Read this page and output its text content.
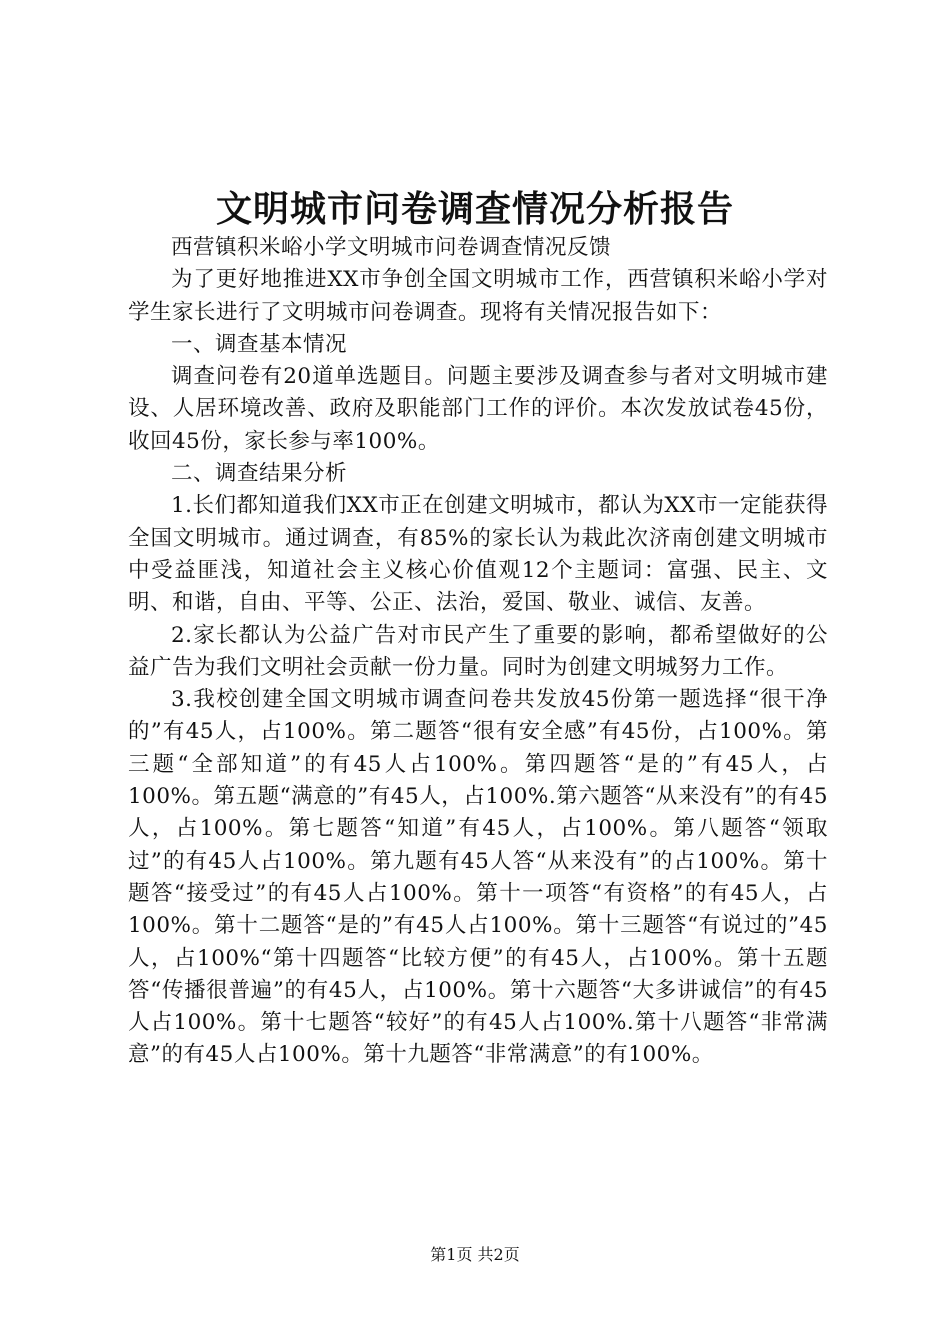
文明城市问卷调查情况分析报告

西营镇积米峪小学文明城市问卷调查情况反馈

为了更好地推进XX市争创全国文明城市工作，西营镇积米峪小学对学生家长进行了文明城市问卷调查。现将有关情况报告如下：

一、调查基本情况

调查问卷有20道单选题目。问题主要涉及调查参与者对文明城市建设、人居环境改善、政府及职能部门工作的评价。本次发放试卷45份，收回45份，家长参与率100%。

二、调查结果分析

1.长们都知道我们XX市正在创建文明城市，都认为XX市一定能获得全国文明城市。通过调查，有85%的家长认为栽此次济南创建文明城市中受益匪浅，知道社会主义核心价值观12个主题词：富强、民主、文明、和谐，自由、平等、公正、法治，爱国、敬业、诚信、友善。

2.家长都认为公益广告对市民产生了重要的影响，都希望做好的公益广告为我们文明社会贡献一份力量。同时为创建文明城努力工作。

3.我校创建全国文明城市调查问卷共发放45份第一题选择“很干净的”有45人，占100%。第二题答“很有安全感”有45份，占100%。第三题“全部知道”的有45人占100%。第四题答“是的”有45人，占100%。第五题“满意的”有45人，占100%.第六题答“从来没有”的有45人，占100%。第七题答“知道”有45人，占100%。第八题答“领取过”的有45人占100%。第九题有45人答“从来没有”的占100%。第十题答“接受过”的有45人占100%。第十一项答“有资格”的有45人，占100%。第十二题答“是的”有45人占100%。第十三题答“有说过的”45人，占100%“第十四题答“比较方便”的有45人，占100%。第十五题答“传播很普遍”的有45人，占100%。第十六题答“大多讲诚信”的有45人占100%。第十七题答“较好”的有45人占100%.第十八题答“非常满意”的有45人占100%。第十九题答“非常满意”的有100%。

第1页 共2页
